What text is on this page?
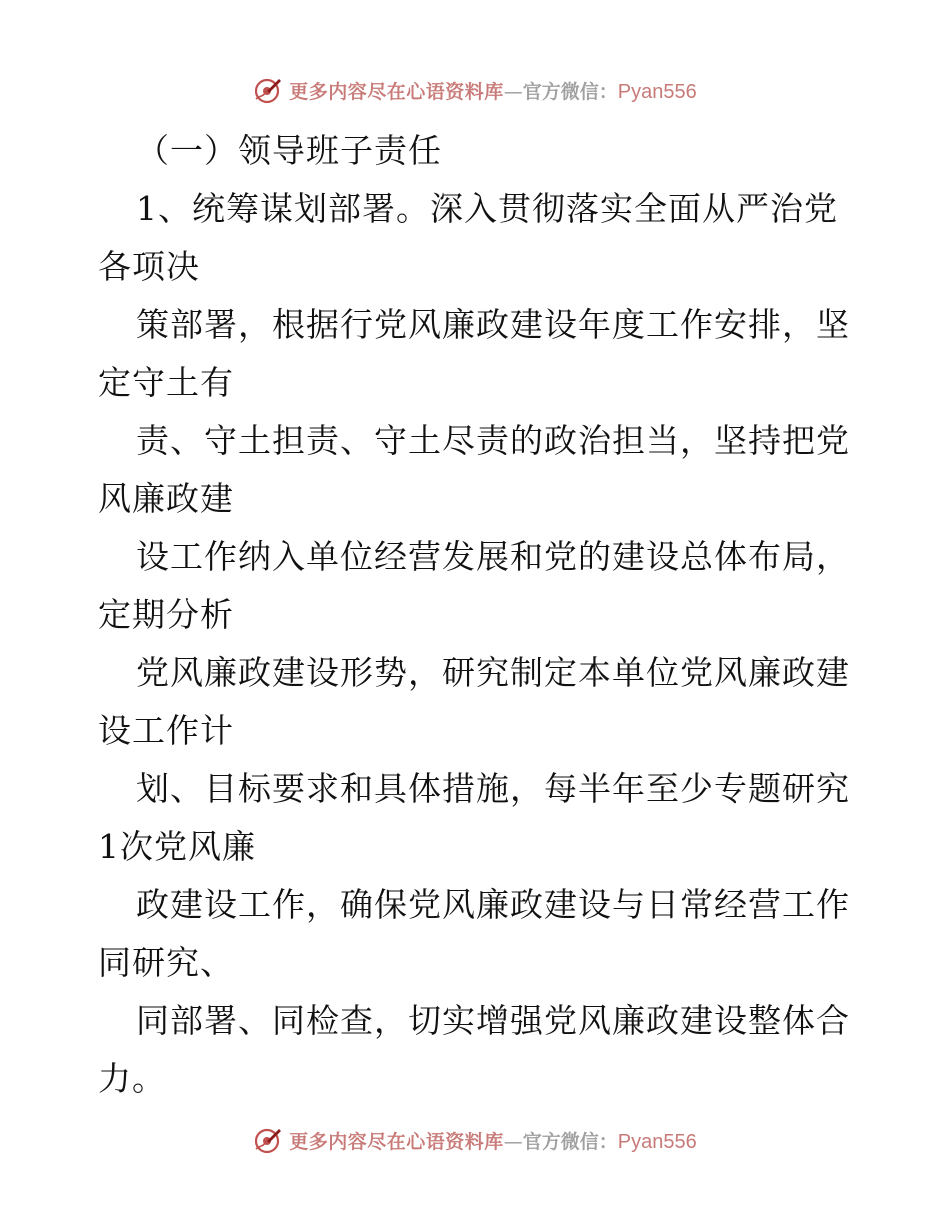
更多内容尽在心语资料库 — 官方微信： Pyan556
（一）领导班子责任
1、统筹谋划部署。深入贯彻落实全面从严治党
各项决
策部署，根据行党风廉政建设年度工作安排，坚
定守土有
责、守土担责、守土尽责的政治担当，坚持把党
风廉政建
设工作纳入单位经营发展和党的建设总体布局，
定期分析
党风廉政建设形势，研究制定本单位党风廉政建
设工作计
划、目标要求和具体措施，每半年至少专题研究
1次党风廉
政建设工作，确保党风廉政建设与日常经营工作
同研究、
同部署、同检查，切实增强党风廉政建设整体合
力。
更多内容尽在心语资料库 — 官方微信： Pyan556
